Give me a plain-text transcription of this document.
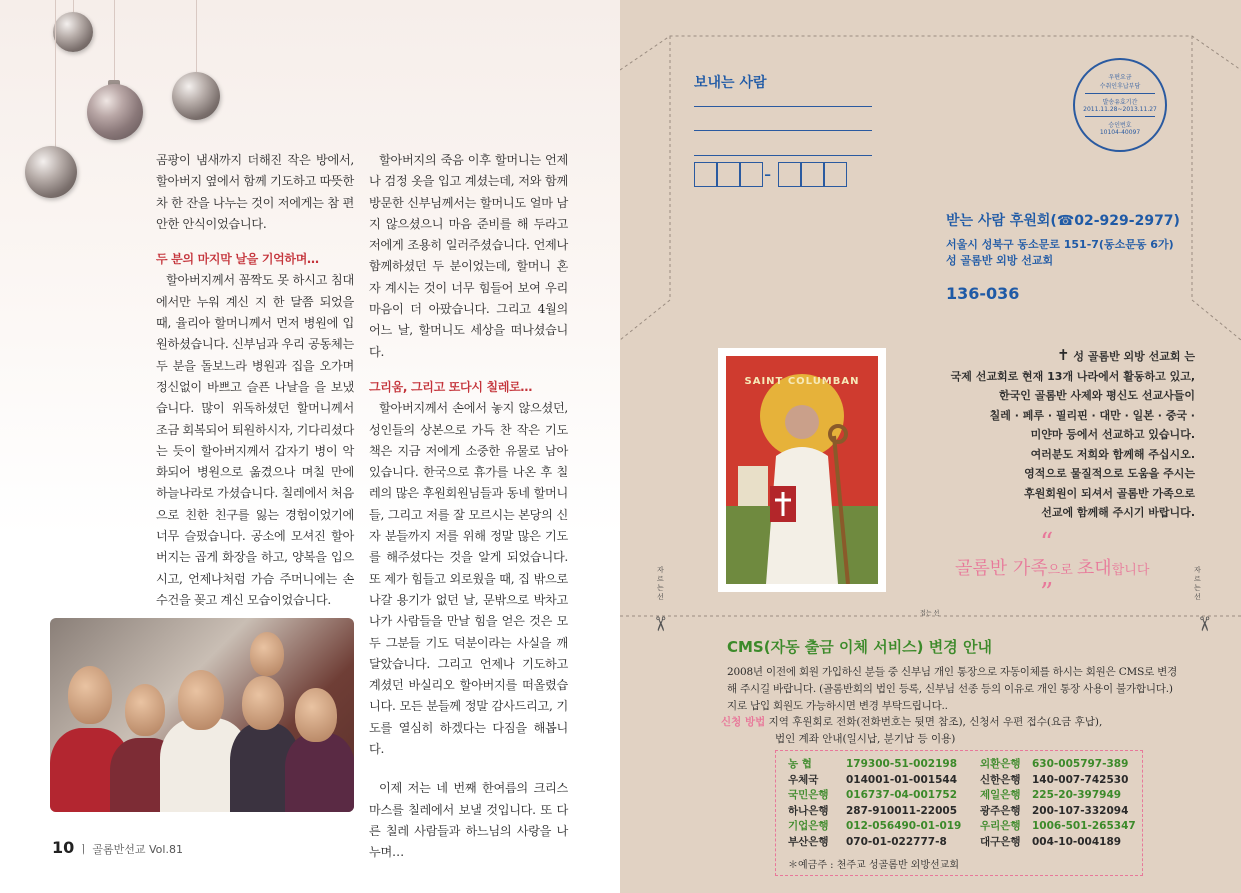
곰팡이 냄새까지 더해진 작은 방에서, 할아버지 옆에서 함께 기도하고 따뜻한 차 한 잔을 나누는 것이 저에게는 참 편안한 안식이었습니다.

두 분의 마지막 날을 기억하며…

할아버지께서 꼼짝도 못 하시고 침대에서만 누워 계신 지 한 달쯤 되었을 때, 율리아 할머니께서 먼저 병원에 입원하셨습니다. 신부님과 우리 공동체는 두 분을 돌보느라 병원과 집을 오가며 정신없이 바쁘고 슬픈 나날을 을 보냈습니다. 많이 위독하셨던 할머니께서 조금 회복되어 퇴원하시자, 기다리셨다는 듯이 할아버지께서 갑자기 병이 악화되어 병원으로 옮겼으나 며칠 만에 하늘나라로 가셨습니다. 칠레에서 처음으로 친한 친구를 잃는 경험이었기에 너무 슬펐습니다. 공소에 모셔진 할아버지는 곱게 화장을 하고, 양복을 입으시고, 언제나처럼 가슴 주머니에는 손수건을 꽂고 계신 모습이었습니다.

할아버지의 죽음 이후 할머니는 언제나 검정 옷을 입고 계셨는데, 저와 함께 방문한 신부님께서는 할머니도 얼마 남지 않으셨으니 마음 준비를 해 두라고 저에게 조용히 일러주셨습니다. 언제나 함께하셨던 두 분이었는데, 할머니 혼자 계시는 것이 너무 힘들어 보여 우리 마음이 더 아팠습니다. 그리고 4월의 어느 날, 할머니도 세상을 떠나셨습니다.

그리움, 그리고 또다시 칠레로…

할아버지께서 손에서 놓지 않으셨던, 성인들의 상본으로 가득 찬 작은 기도 책은 지금 저에게 소중한 유물로 남아 있습니다. 한국으로 휴가를 나온 후 칠레의 많은 후원회원님들과 동네 할머니들, 그리고 저를 잘 모르시는 본당의 신자 분들까지 저를 위해 정말 많은 기도를 해주셨다는 것을 알게 되었습니다. 또 제가 힘들고 외로웠을 때, 집 밖으로 나갈 용기가 없던 날, 문밖으로 박차고 나가 사람들을 만날 힘을 얻은 것은 모두 그분들 기도 덕분이라는 사실을 깨달았습니다. 그리고 언제나 기도하고 계셨던 바실리오 할아버지를 떠올렸습니다. 모든 분들께 정말 감사드리고, 기도를 열심히 하겠다는 다짐을 해봅니다.

이제 저는 네 번째 한여름의 크리스마스를 칠레에서 보낼 것입니다. 또 다른 칠레 사람들과 하느님의 사랑을 나누며…

10 ㅣ 골롬반선교 Vol.81
보내는 사람
-
우편요금
수취인후납부담
발송유효기간
2011.11.28~2013.11.27
승인번호
10104-40097
받는 사람 후원회(☎02-929-2977)
서울시 성북구 동소문로 151-7(동소문동 6가)
성 골롬반 외방 선교회
136-036
SAINT COLUMBAN
✝ 성 골롬반 외방 선교회 는
국제 선교회로 현재 13개 나라에서 활동하고 있고,
한국인 골롬반 사제와 평신도 선교사들이
칠레 · 페루 · 필리핀 · 대만 · 일본 · 중국 ·
미얀마 등에서 선교하고 있습니다.
여러분도 저희와 함께해 주십시오.
영적으로 물질적으로 도움을 주시는
후원회원이 되셔서 골롬반 가족으로
선교에 함께해 주시기 바랍니다.
“
골롬반 가족으로 초대합니다
”
자르는 선
자르는 선
접는 선
✂	✂
CMS(자동 출금 이체 서비스) 변경 안내
2008년 이전에 회원 가입하신 분들 중 신부님 개인 통장으로 자동이체를 하시는 회원은 CMS로 변경해 주시길 바랍니다. (골롬반회의 법인 등록, 신부님 선종 등의 이유로 개인 통장 사용이 불가합니다.) 지로 납입 회원도 가능하시면 변경 부탁드립니다..
신청 방법 지역 후원회로 전화(전화번호는 뒷면 참조), 신청서 우편 접수(요금 후납),
법인 계좌 안내(일시납, 분기납 등 이용)
농 협	179300-51-002198	외환은행	630-005797-389
우체국	014001-01-001544	신한은행	140-007-742530
국민은행	016737-04-001752	제일은행	225-20-397949
하나은행	287-910011-22005	광주은행	200-107-332094
기업은행	012-056490-01-019	우리은행	1006-501-265347
부산은행	070-01-022777-8	대구은행	004-10-004189
＊예금주 : 천주교 성골롬반 외방선교회
